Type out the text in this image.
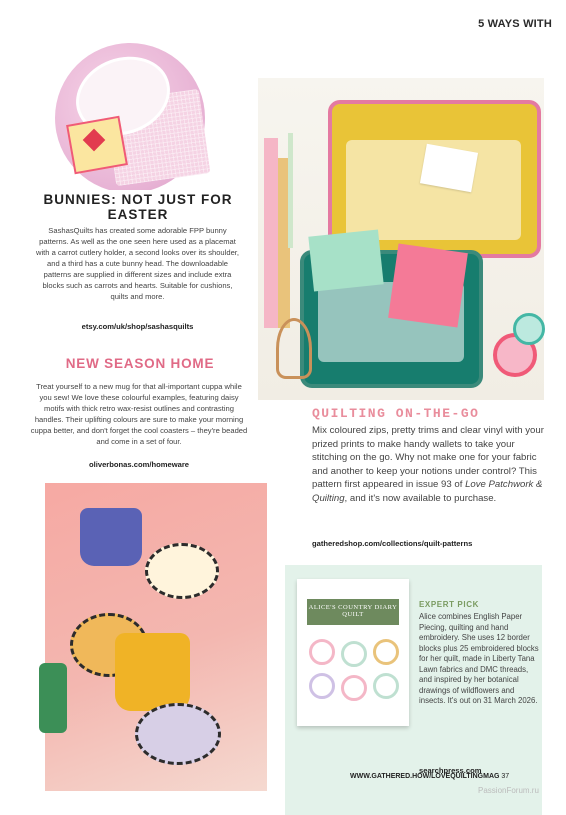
5 WAYS WITH
BUNNIES: NOT JUST FOR EASTER
SashasQuilts has created some adorable FPP bunny patterns. As well as the one seen here used as a placemat with a carrot cutlery holder, a second looks over its shoulder, and a third has a cute bunny head. The downloadable patterns are supplied in different sizes and include extra blocks such as carrots and hearts. Suitable for cushions, quilts and more.
etsy.com/uk/shop/sashasquilts
QUILTING ON-THE-GO
Mix coloured zips, pretty trims and clear vinyl with your prized prints to make handy wallets to take your stitching on the go. Why not make one for your fabric and another to keep your notions under control? This pattern first appeared in issue 93 of Love Patchwork & Quilting, and it's now available to purchase.
gatheredshop.com/collections/quilt-patterns
NEW SEASON HOME
Treat yourself to a new mug for that all-important cuppa while you sew! We love these colourful examples, featuring daisy motifs with thick retro wax-resist outlines and contrasting handles. Their uplifting colours are sure to make your morning cuppa better, and don't forget the cool coasters – they're beaded and come in a set of four.
oliverbonas.com/homeware
ALICE'S COUNTRY DIARY QUILT
EXPERT PICK
Alice combines English Paper Piecing, quilting and hand embroidery. She uses 12 border blocks plus 25 embroidered blocks for her quilt, made in Liberty Tana Lawn fabrics and DMC threads, and inspired by her botanical drawings of wildflowers and insects. It's out on 31 March 2026.
searchpress.com
WWW.GATHERED.HOW/LOVEQUILTINGMAG 37
PassionForum.ru
